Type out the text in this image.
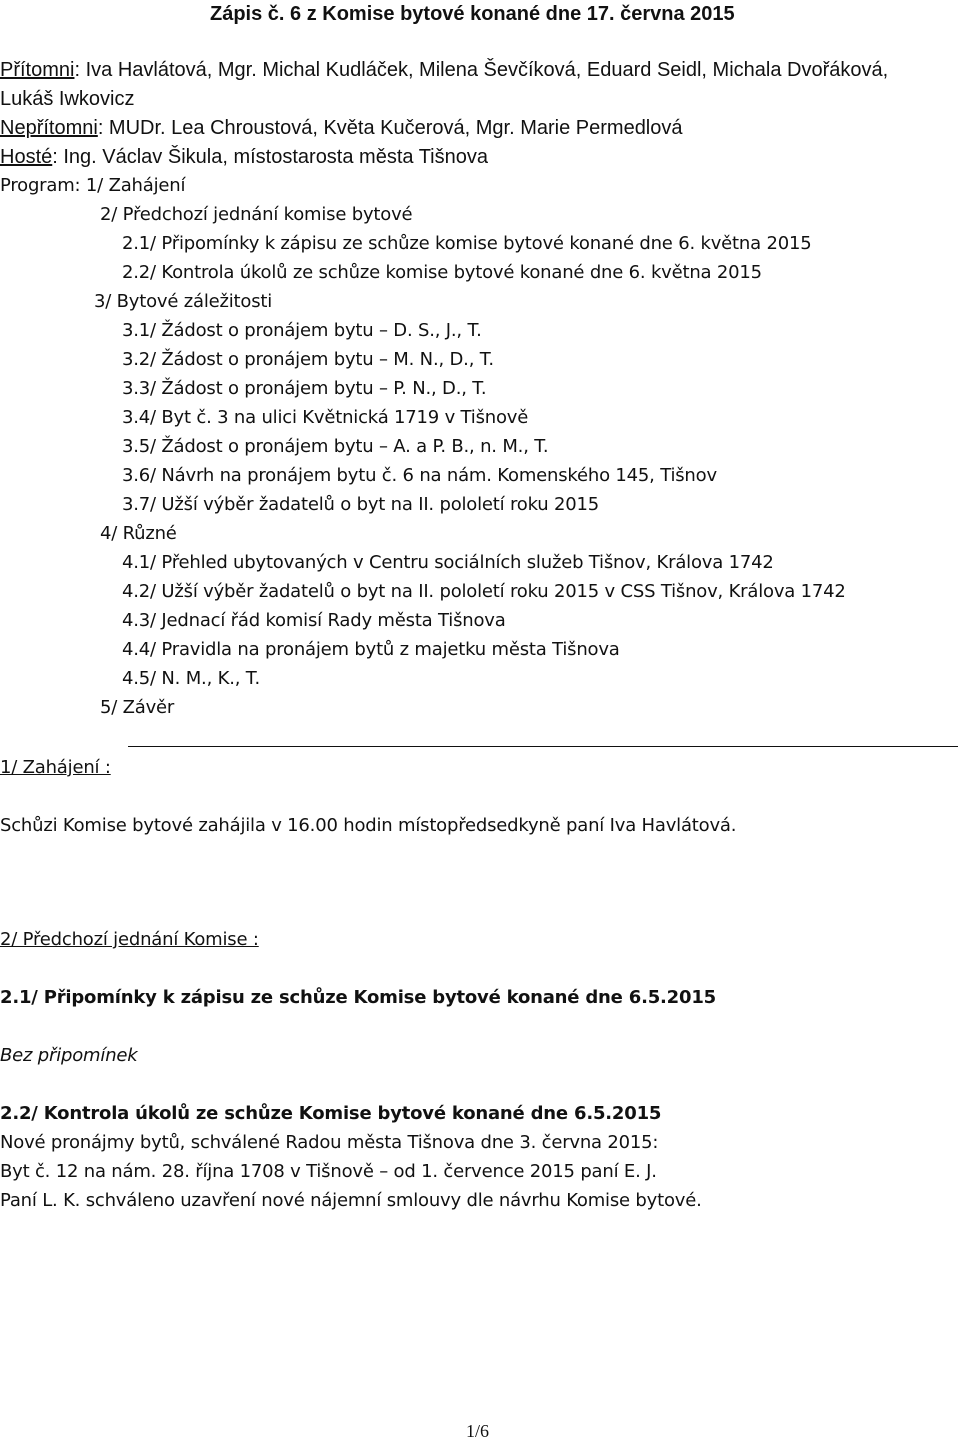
Zápis č. 6 z Komise bytové konané dne 17. června 2015

Přítomni: Iva Havlátová, Mgr. Michal Kudláček, Milena Ševčíková, Eduard Seidl, Michala Dvořáková,

Lukáš Iwkovicz

Nepřítomni: MUDr. Lea Chroustová, Květa Kučerová, Mgr. Marie Permedlová

Hosté: Ing. Václav Šikula, místostarosta města Tišnova

Program: 1/ Zahájení

2/ Předchozí jednání komise bytové

2.1/ Připomínky k zápisu ze schůze komise bytové konané dne 6. května 2015

2.2/ Kontrola úkolů ze schůze komise bytové konané dne 6. května 2015

3/ Bytové záležitosti

3.1/ Žádost o pronájem bytu – D. S., J., T.

3.2/ Žádost o pronájem bytu – M. N., D., T.

3.3/ Žádost o pronájem bytu – P. N., D., T.

3.4/ Byt č. 3 na ulici Květnická 1719 v Tišnově

3.5/ Žádost o pronájem bytu – A. a P. B., n. M., T.

3.6/ Návrh na pronájem bytu č. 6 na nám. Komenského 145, Tišnov

3.7/ Užší výběr žadatelů o byt na II. pololetí roku 2015

4/ Různé

4.1/ Přehled ubytovaných v Centru sociálních služeb Tišnov, Králova 1742

4.2/ Užší výběr žadatelů o byt na II. pololetí roku 2015 v CSS Tišnov, Králova 1742

4.3/ Jednací řád komisí Rady města Tišnova

4.4/ Pravidla na pronájem bytů z majetku města Tišnova

4.5/ N. M., K., T.

5/ Závěr

1/ Zahájení :

Schůzi Komise bytové zahájila v 16.00 hodin místopředsedkyně paní Iva Havlátová.

2/ Předchozí jednání Komise :

2.1/ Připomínky k zápisu ze schůze Komise bytové konané dne 6.5.2015

Bez připomínek

2.2/ Kontrola úkolů ze schůze Komise bytové konané dne 6.5.2015

Nové pronájmy bytů, schválené Radou města Tišnova dne 3. června 2015:

Byt č. 12 na nám. 28. října 1708 v Tišnově – od 1. července 2015 paní E. J.

Paní L. K. schváleno uzavření nové nájemní smlouvy dle návrhu Komise bytové.

1/6
